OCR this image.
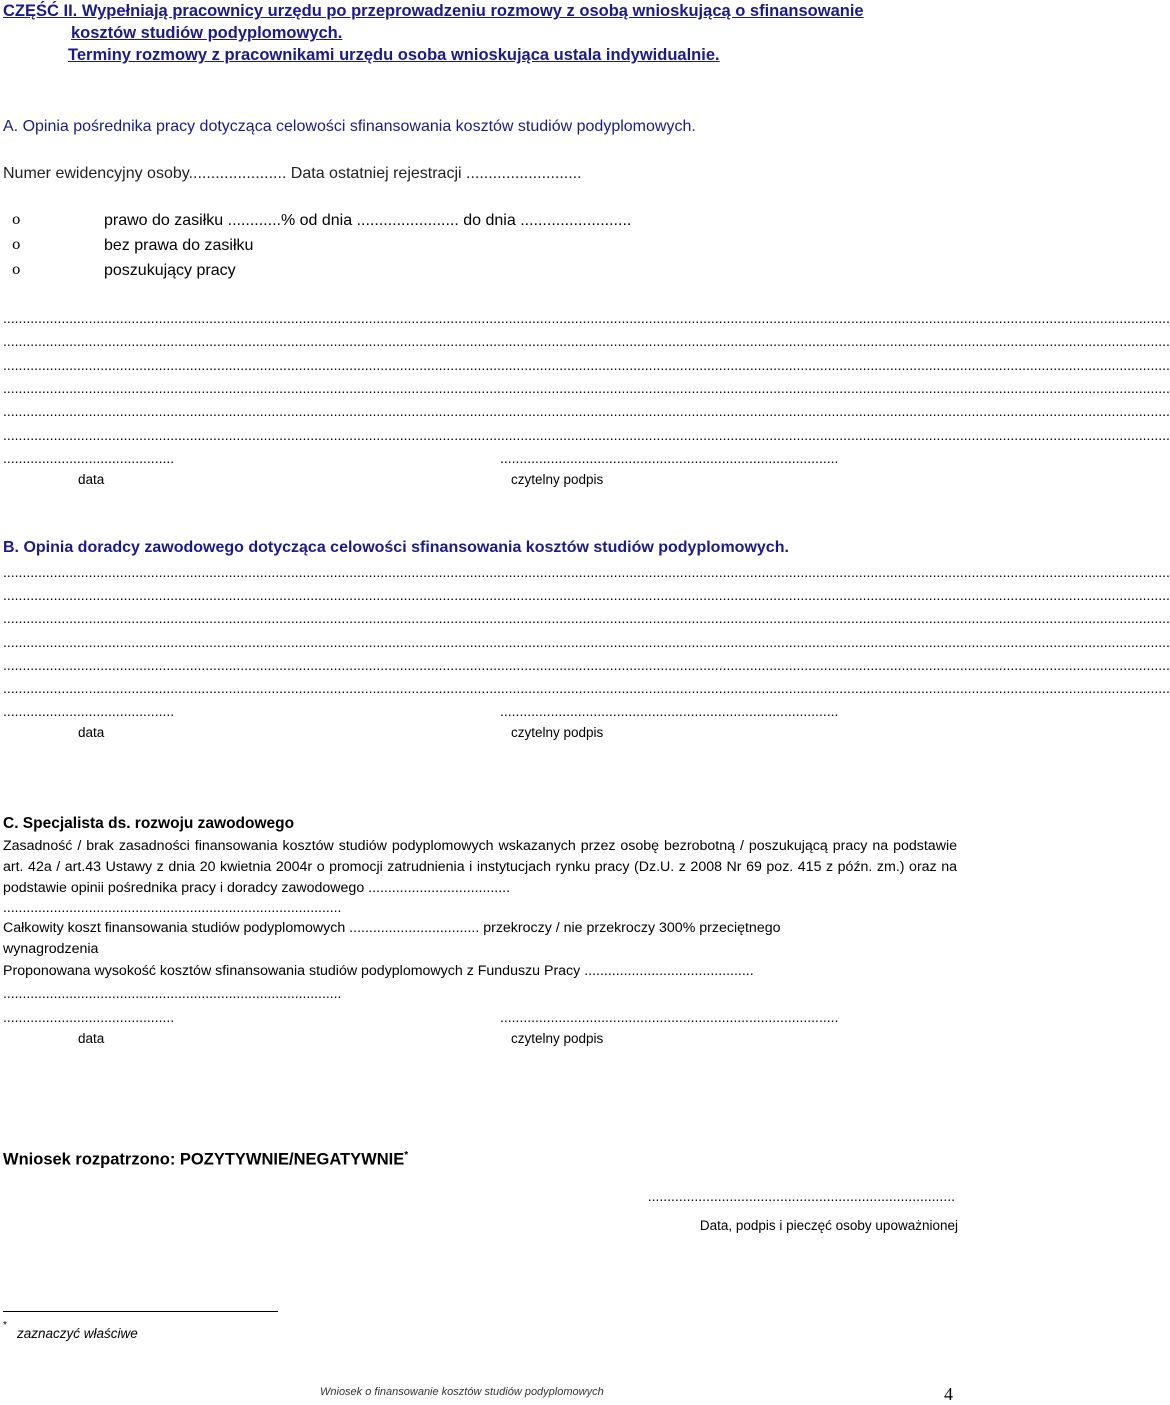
CZĘŚĆ II. Wypełniają pracownicy urzędu po przeprowadzeniu rozmowy z osobą wnioskującą o sfinansowanie
kosztów studiów podyplomowych.
Terminy rozmowy z pracownikami urzędu osoba wnioskująca ustala indywidualnie.
A. Opinia pośrednika pracy dotycząca celowości sfinansowania kosztów studiów podyplomowych.
Numer ewidencyjny osoby...................... Data ostatniej rejestracji ..........................
ο	prawo do zasiłku ............% od dnia ....................... do dnia .........................
ο	bez prawa do zasiłku
ο	poszukujący pracy
............................................................................................................................................................................................................................................................................................................
............................................................................................................................................................................................................................................................................................................
............................................................................................................................................................................................................................................................................................................
............................................................................................................................................................................................................................................................................................................
............................................................................................................................................................................................................................................................................................................
............................................................................................................................................................................................................................................................................................................
............................................	.......................................................................................
data	czytelny podpis
B. Opinia doradcy zawodowego dotycząca celowości sfinansowania kosztów studiów podyplomowych.
............................................................................................................................................................................................................................................................................................................
............................................................................................................................................................................................................................................................................................................
............................................................................................................................................................................................................................................................................................................
............................................................................................................................................................................................................................................................................................................
............................................................................................................................................................................................................................................................................................................
............................................................................................................................................................................................................................................................................................................
............................................	.......................................................................................
data	czytelny podpis
C. Specjalista ds. rozwoju zawodowego
Zasadność / brak zasadności finansowania kosztów studiów podyplomowych wskazanych przez osobę bezrobotną / poszukującą pracy na podstawie art. 42a / art.43 Ustawy z dnia 20 kwietnia 2004r o promocji zatrudnienia i instytucjach rynku pracy (Dz.U. z 2008 Nr 69 poz. 415 z późn. zm.) oraz na podstawie opinii pośrednika pracy i doradcy zawodowego ....................................
.......................................................................................
Całkowity koszt finansowania studiów podyplomowych ................................. przekroczy / nie przekroczy 300% przeciętnego
wynagrodzenia
Proponowana wysokość kosztów sfinansowania studiów podyplomowych z Funduszu Pracy ...........................................
.......................................................................................
............................................	.......................................................................................
data	czytelny podpis
Wniosek rozpatrzono: POZYTYWNIE/NEGATYWNIE*
...............................................................................
Data, podpis i pieczęć osoby upoważnionej
*
zaznaczyć właściwe
Wniosek o finansowanie kosztów studiów podyplomowych	4
